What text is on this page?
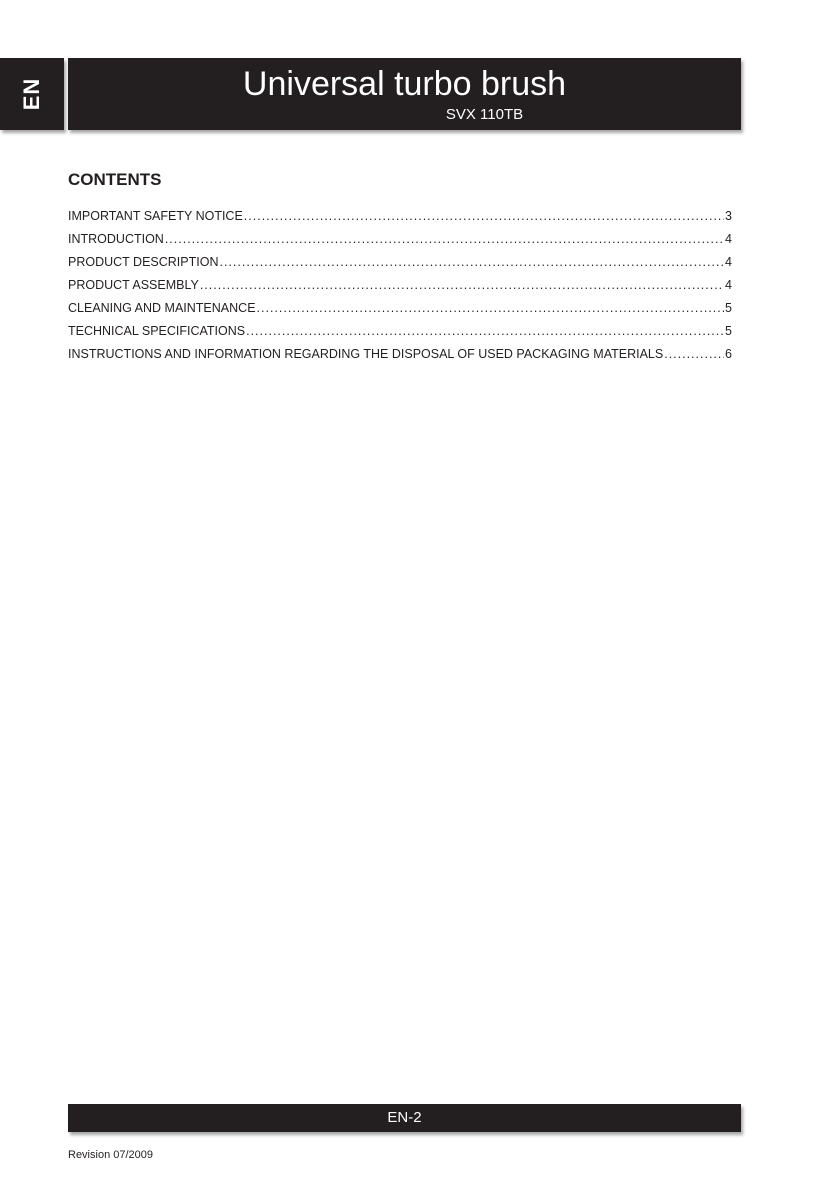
EN	Universal turbo brush
SVX 110TB
CONTENTS
IMPORTANT SAFETY NOTICE .....	3
INTRODUCTION .....	4
PRODUCT DESCRIPTION .....	4
PRODUCT ASSEMBLY .....	4
CLEANING AND MAINTENANCE .....	5
TECHNICAL SPECIFICATIONS .....	5
INSTRUCTIONS AND INFORMATION REGARDING THE DISPOSAL OF USED PACKAGING MATERIALS .....	6
EN-2
Revision 07/2009
